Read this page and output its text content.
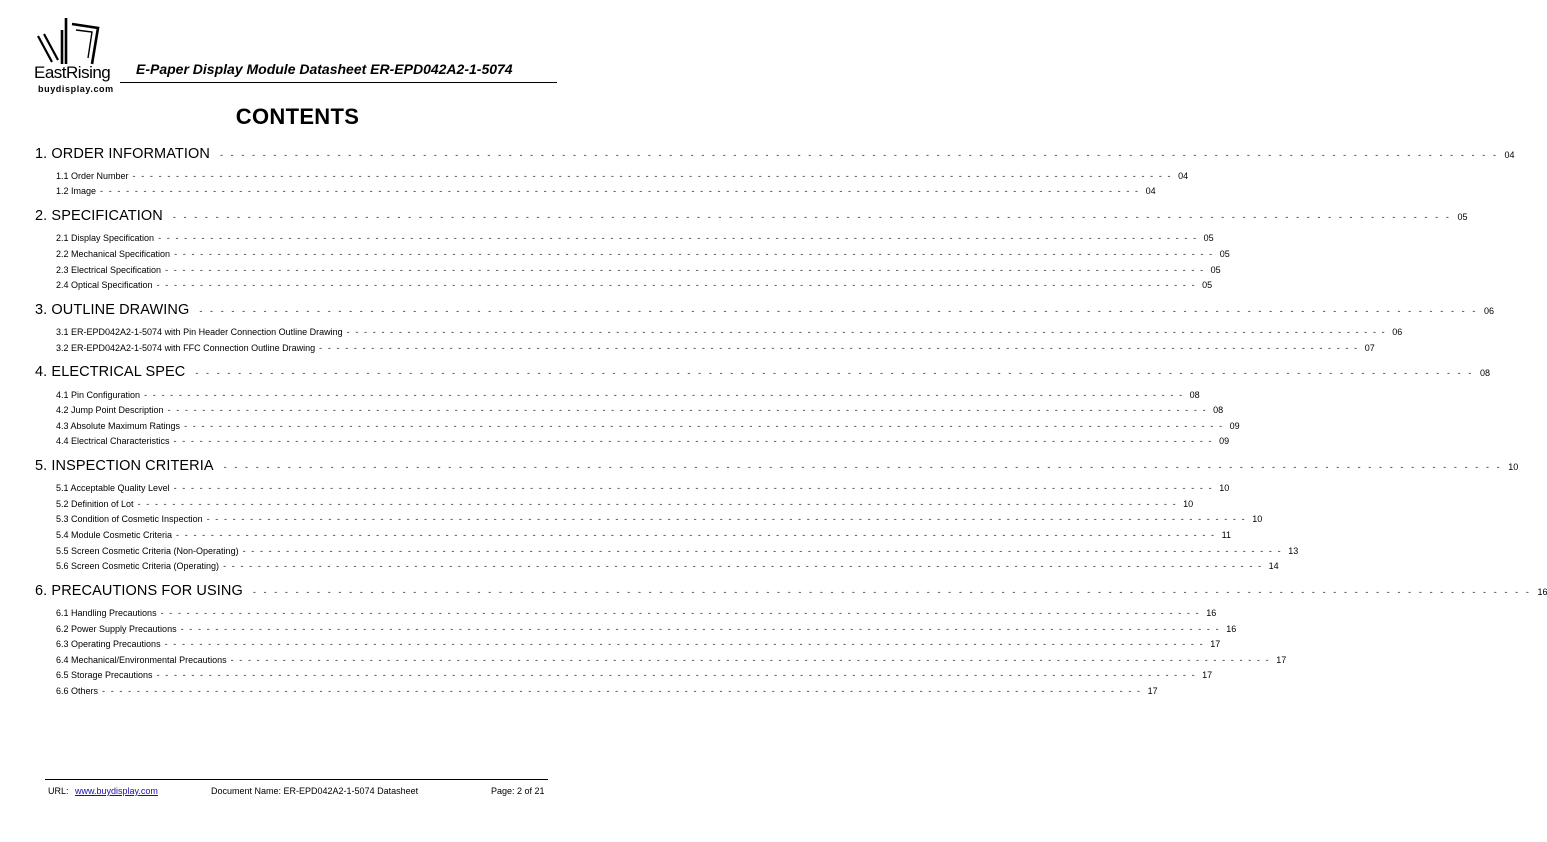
EastRising
buydisplay.com
E-Paper Display Module Datasheet ER-EPD042A2-1-5074
CONTENTS
1. ORDER INFORMATION - - - - - - - - - - - - - - - - - - - - - - - - - - - - - - - - - - - - - - - - - - - - - - - - - - - - - - - - - - - - - - - - - - - - - - - - - - - - - - - - - - - - - - - - - - - - - - - - - - - - - - - - - - - - - - - - - - - - - - - - 04
1.1 Order Number - - - - - - - - - - - - - - - - - - - - - - - - - - - - - - - - - - - - - - - - - - - - - - - - - - - - - - - - - - - - - - - - - - - - - - - - - - - - - - - - - - - - - - - - - - - - - - - - - - - - - - - - - - - - - - - - - - - - - - - - 04
1.2 Image - - - - - - - - - - - - - - - - - - - - - - - - - - - - - - - - - - - - - - - - - - - - - - - - - - - - - - - - - - - - - - - - - - - - - - - - - - - - - - - - - - - - - - - - - - - - - - - - - - - - - - - - - - - - - - - - - - - - - - - - 04
2. SPECIFICATION - - - - - - - - - - - - - - - - - - - - - - - - - - - - - - - - - - - - - - - - - - - - - - - - - - - - - - - - - - - - - - - - - - - - - - - - - - - - - - - - - - - - - - - - - - - - - - - - - - - - - - - - - - - - - - - - - - - - - - - - 05
2.1 Display Specification - - - - - - - - - - - - - - - - - - - - - - - - - - - - - - - - - - - - - - - - - - - - - - - - - - - - - - - - - - - - - - - - - - - - - - - - - - - - - - - - - - - - - - - - - - - - - - - - - - - - - - - - - - - - - - - - - - - - - - - - 05
2.2 Mechanical Specification - - - - - - - - - - - - - - - - - - - - - - - - - - - - - - - - - - - - - - - - - - - - - - - - - - - - - - - - - - - - - - - - - - - - - - - - - - - - - - - - - - - - - - - - - - - - - - - - - - - - - - - - - - - - - - - - - - - - - - - - 05
2.3 Electrical Specification - - - - - - - - - - - - - - - - - - - - - - - - - - - - - - - - - - - - - - - - - - - - - - - - - - - - - - - - - - - - - - - - - - - - - - - - - - - - - - - - - - - - - - - - - - - - - - - - - - - - - - - - - - - - - - - - - - - - - - - - 05
2.4 Optical Specification - - - - - - - - - - - - - - - - - - - - - - - - - - - - - - - - - - - - - - - - - - - - - - - - - - - - - - - - - - - - - - - - - - - - - - - - - - - - - - - - - - - - - - - - - - - - - - - - - - - - - - - - - - - - - - - - - - - - - - - - 05
3. OUTLINE DRAWING - - - - - - - - - - - - - - - - - - - - - - - - - - - - - - - - - - - - - - - - - - - - - - - - - - - - - - - - - - - - - - - - - - - - - - - - - - - - - - - - - - - - - - - - - - - - - - - - - - - - - - - - - - - - - - - - - - - - - - - - 06
3.1 ER-EPD042A2-1-5074 with Pin Header Connection Outline Drawing - - - - - - - - - - - - - - - - - - - - - - - - - - - - - - - - - - - - - - - - - - - - - - - - - - - - - - - - - - - - - - - - - - - - - - - - - - - - - - - - - - - - - - - - - - - - - - - - - - - - - - - - - - - - - - - - - - - - - - - - 06
3.2 ER-EPD042A2-1-5074 with FFC Connection Outline Drawing - - - - - - - - - - - - - - - - - - - - - - - - - - - - - - - - - - - - - - - - - - - - - - - - - - - - - - - - - - - - - - - - - - - - - - - - - - - - - - - - - - - - - - - - - - - - - - - - - - - - - - - - - - - - - - - - - - - - - - - - 07
4. ELECTRICAL SPEC - - - - - - - - - - - - - - - - - - - - - - - - - - - - - - - - - - - - - - - - - - - - - - - - - - - - - - - - - - - - - - - - - - - - - - - - - - - - - - - - - - - - - - - - - - - - - - - - - - - - - - - - - - - - - - - - - - - - - - - - 08
4.1 Pin Configuration - - - - - - - - - - - - - - - - - - - - - - - - - - - - - - - - - - - - - - - - - - - - - - - - - - - - - - - - - - - - - - - - - - - - - - - - - - - - - - - - - - - - - - - - - - - - - - - - - - - - - - - - - - - - - - - - - - - - - - - - 08
4.2 Jump Point Description - - - - - - - - - - - - - - - - - - - - - - - - - - - - - - - - - - - - - - - - - - - - - - - - - - - - - - - - - - - - - - - - - - - - - - - - - - - - - - - - - - - - - - - - - - - - - - - - - - - - - - - - - - - - - - - - - - - - - - - - 08
4.3 Absolute Maximum Ratings - - - - - - - - - - - - - - - - - - - - - - - - - - - - - - - - - - - - - - - - - - - - - - - - - - - - - - - - - - - - - - - - - - - - - - - - - - - - - - - - - - - - - - - - - - - - - - - - - - - - - - - - - - - - - - - - - - - - - - - - 09
4.4 Electrical Characteristics - - - - - - - - - - - - - - - - - - - - - - - - - - - - - - - - - - - - - - - - - - - - - - - - - - - - - - - - - - - - - - - - - - - - - - - - - - - - - - - - - - - - - - - - - - - - - - - - - - - - - - - - - - - - - - - - - - - - - - - - 09
5. INSPECTION CRITERIA - - - - - - - - - - - - - - - - - - - - - - - - - - - - - - - - - - - - - - - - - - - - - - - - - - - - - - - - - - - - - - - - - - - - - - - - - - - - - - - - - - - - - - - - - - - - - - - - - - - - - - - - - - - - - - - - - - - - - - - - 10
5.1 Acceptable Quality Level - - - - - - - - - - - - - - - - - - - - - - - - - - - - - - - - - - - - - - - - - - - - - - - - - - - - - - - - - - - - - - - - - - - - - - - - - - - - - - - - - - - - - - - - - - - - - - - - - - - - - - - - - - - - - - - - - - - - - - - - 10
5.2 Definition of Lot - - - - - - - - - - - - - - - - - - - - - - - - - - - - - - - - - - - - - - - - - - - - - - - - - - - - - - - - - - - - - - - - - - - - - - - - - - - - - - - - - - - - - - - - - - - - - - - - - - - - - - - - - - - - - - - - - - - - - - - - 10
5.3 Condition of Cosmetic Inspection - - - - - - - - - - - - - - - - - - - - - - - - - - - - - - - - - - - - - - - - - - - - - - - - - - - - - - - - - - - - - - - - - - - - - - - - - - - - - - - - - - - - - - - - - - - - - - - - - - - - - - - - - - - - - - - - - - - - - - - - 10
5.4 Module Cosmetic Criteria - - - - - - - - - - - - - - - - - - - - - - - - - - - - - - - - - - - - - - - - - - - - - - - - - - - - - - - - - - - - - - - - - - - - - - - - - - - - - - - - - - - - - - - - - - - - - - - - - - - - - - - - - - - - - - - - - - - - - - - - 11
5.5 Screen Cosmetic Criteria (Non-Operating) - - - - - - - - - - - - - - - - - - - - - - - - - - - - - - - - - - - - - - - - - - - - - - - - - - - - - - - - - - - - - - - - - - - - - - - - - - - - - - - - - - - - - - - - - - - - - - - - - - - - - - - - - - - - - - - - - - - - - - - - 13
5.6 Screen Cosmetic Criteria (Operating) - - - - - - - - - - - - - - - - - - - - - - - - - - - - - - - - - - - - - - - - - - - - - - - - - - - - - - - - - - - - - - - - - - - - - - - - - - - - - - - - - - - - - - - - - - - - - - - - - - - - - - - - - - - - - - - - - - - - - - - - 14
6. PRECAUTIONS FOR USING - - - - - - - - - - - - - - - - - - - - - - - - - - - - - - - - - - - - - - - - - - - - - - - - - - - - - - - - - - - - - - - - - - - - - - - - - - - - - - - - - - - - - - - - - - - - - - - - - - - - - - - - - - - - - - - - - - - - - - - - 16
6.1 Handling Precautions - - - - - - - - - - - - - - - - - - - - - - - - - - - - - - - - - - - - - - - - - - - - - - - - - - - - - - - - - - - - - - - - - - - - - - - - - - - - - - - - - - - - - - - - - - - - - - - - - - - - - - - - - - - - - - - - - - - - - - - - 16
6.2 Power Supply Precautions - - - - - - - - - - - - - - - - - - - - - - - - - - - - - - - - - - - - - - - - - - - - - - - - - - - - - - - - - - - - - - - - - - - - - - - - - - - - - - - - - - - - - - - - - - - - - - - - - - - - - - - - - - - - - - - - - - - - - - - - 16
6.3 Operating Precautions - - - - - - - - - - - - - - - - - - - - - - - - - - - - - - - - - - - - - - - - - - - - - - - - - - - - - - - - - - - - - - - - - - - - - - - - - - - - - - - - - - - - - - - - - - - - - - - - - - - - - - - - - - - - - - - - - - - - - - - - 17
6.4 Mechanical/Environmental Precautions - - - - - - - - - - - - - - - - - - - - - - - - - - - - - - - - - - - - - - - - - - - - - - - - - - - - - - - - - - - - - - - - - - - - - - - - - - - - - - - - - - - - - - - - - - - - - - - - - - - - - - - - - - - - - - - - - - - - - - - - 17
6.5 Storage Precautions - - - - - - - - - - - - - - - - - - - - - - - - - - - - - - - - - - - - - - - - - - - - - - - - - - - - - - - - - - - - - - - - - - - - - - - - - - - - - - - - - - - - - - - - - - - - - - - - - - - - - - - - - - - - - - - - - - - - - - - - 17
6.6 Others - - - - - - - - - - - - - - - - - - - - - - - - - - - - - - - - - - - - - - - - - - - - - - - - - - - - - - - - - - - - - - - - - - - - - - - - - - - - - - - - - - - - - - - - - - - - - - - - - - - - - - - - - - - - - - - - - - - - - - - - 17
URL: www.buydisplay.com	Document Name: ER-EPD042A2-1-5074 Datasheet	Page: 2 of 21
